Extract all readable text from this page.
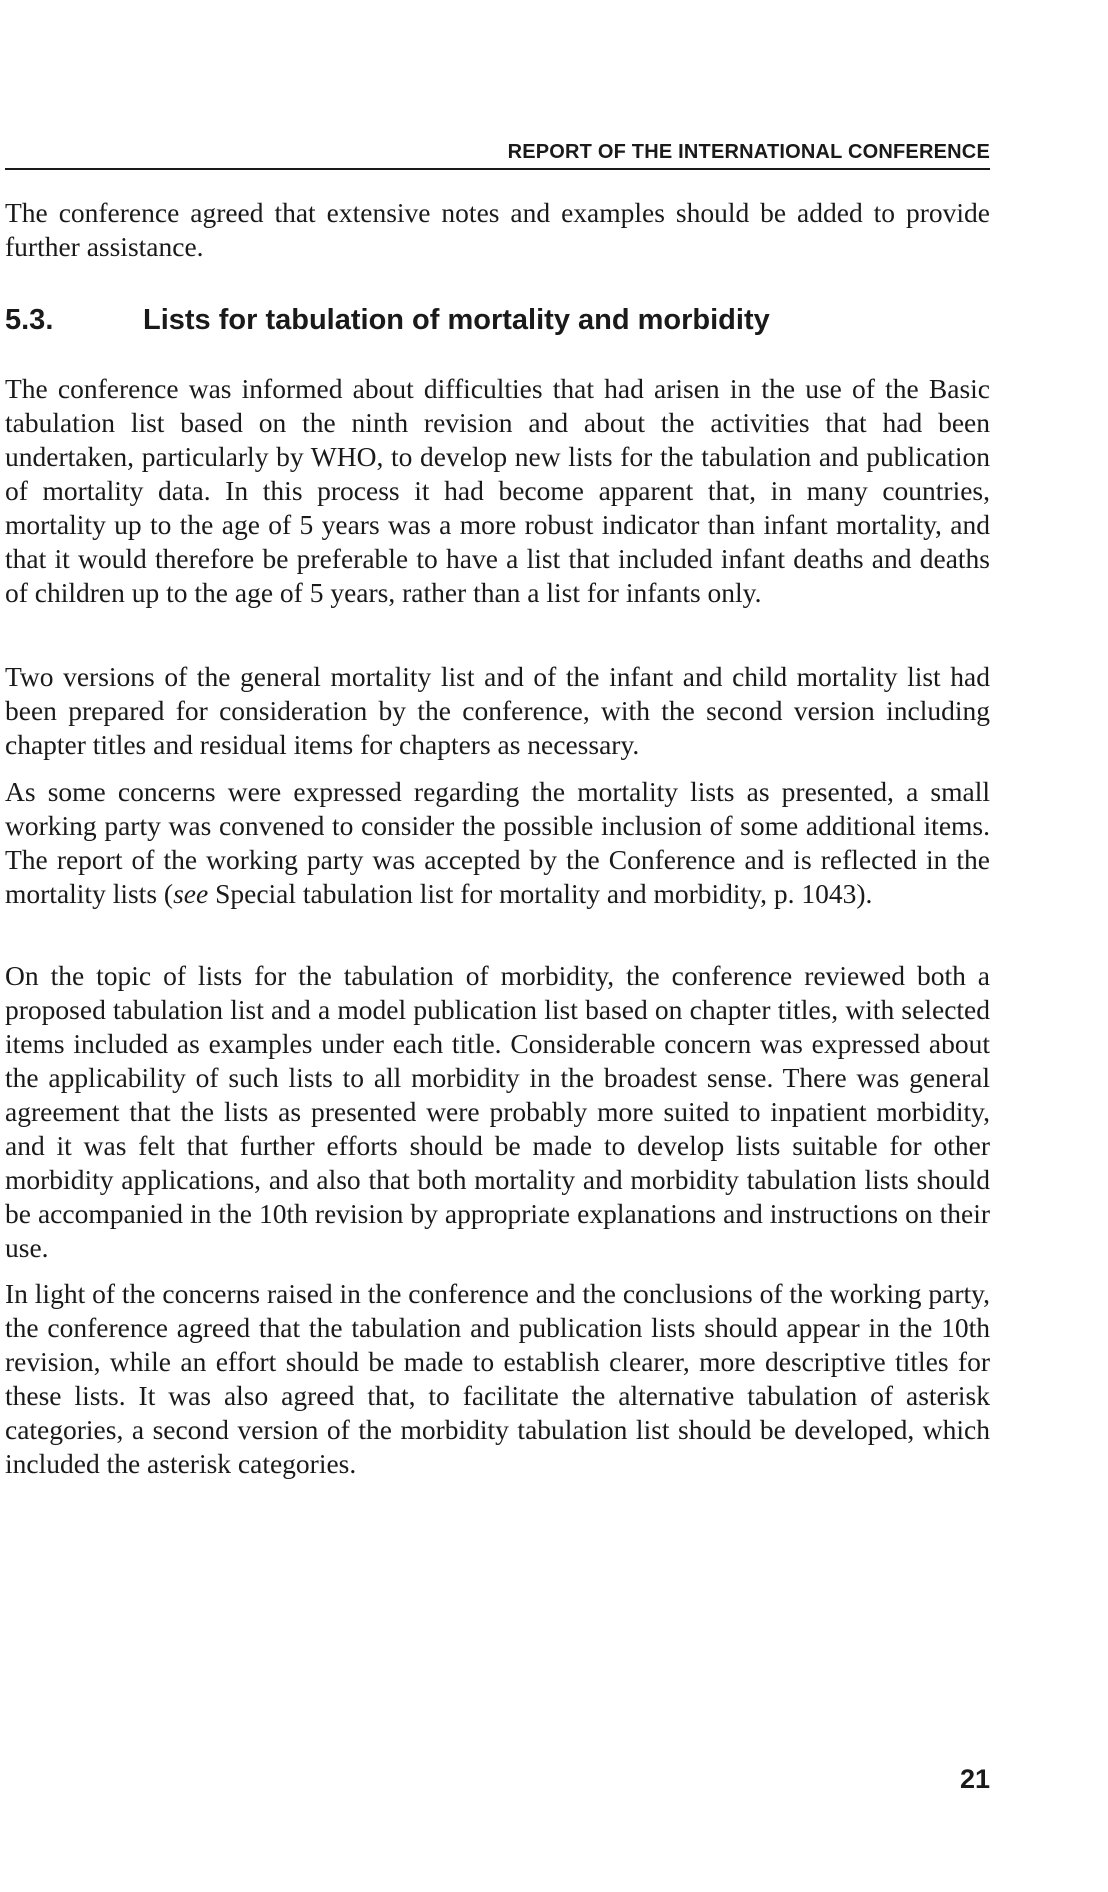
REPORT OF THE INTERNATIONAL CONFERENCE

The conference agreed that extensive notes and examples should be added to provide further assistance.

5.3.	Lists for tabulation of mortality and morbidity

The conference was informed about difficulties that had arisen in the use of the Basic tabulation list based on the ninth revision and about the activities that had been undertaken, particularly by WHO, to develop new lists for the tabulation and publication of mortality data. In this process it had become apparent that, in many countries, mortality up to the age of 5 years was a more robust indicator than infant mortality, and that it would therefore be preferable to have a list that included infant deaths and deaths of children up to the age of 5 years, rather than a list for infants only.

Two versions of the general mortality list and of the infant and child mortality list had been prepared for consideration by the conference, with the second version including chapter titles and residual items for chapters as necessary.

As some concerns were expressed regarding the mortality lists as presented, a small working party was convened to consider the possible inclusion of some additional items. The report of the working party was accepted by the Conference and is reflected in the mortality lists (see Special tabulation list for mortality and morbidity, p. 1043).

On the topic of lists for the tabulation of morbidity, the conference reviewed both a proposed tabulation list and a model publication list based on chapter titles, with selected items included as examples under each title. Considerable concern was expressed about the applicability of such lists to all morbidity in the broadest sense. There was general agreement that the lists as presented were probably more suited to inpatient morbidity, and it was felt that further efforts should be made to develop lists suitable for other morbidity applications, and also that both mortality and morbidity tabulation lists should be accompanied in the 10th revision by appropriate explanations and instructions on their use.

In light of the concerns raised in the conference and the conclusions of the working party, the conference agreed that the tabulation and publication lists should appear in the 10th revision, while an effort should be made to establish clearer, more descriptive titles for these lists. It was also agreed that, to facilitate the alternative tabulation of asterisk categories, a second version of the morbidity tabulation list should be developed, which included the asterisk categories.

21
